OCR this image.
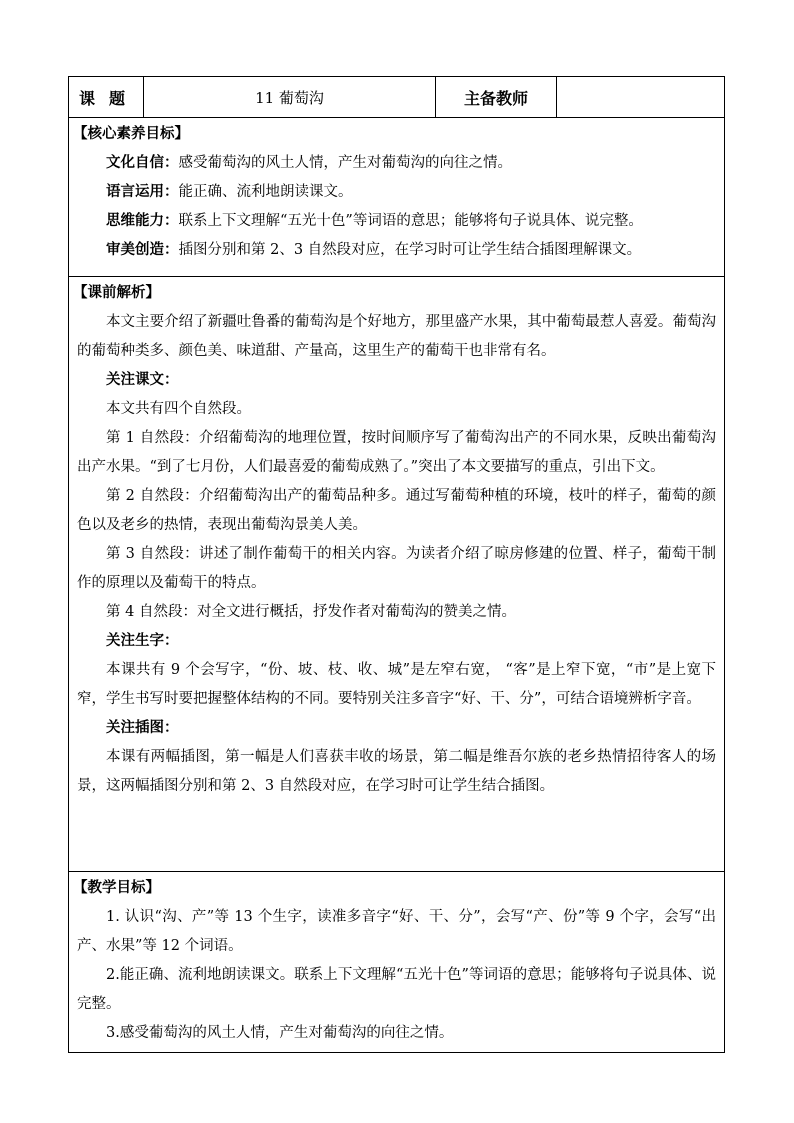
课题	11 葡萄沟	主备教师	

【核心素养目标】

文化自信：感受葡萄沟的风土人情，产生对葡萄沟的向往之情。

语言运用：能正确、流利地朗读课文。

思维能力：联系上下文理解“五光十色”等词语的意思；能够将句子说具体、说完整。

审美创造：插图分别和第 2、3 自然段对应，在学习时可让学生结合插图理解课文。

【课前解析】

本文主要介绍了新疆吐鲁番的葡萄沟是个好地方，那里盛产水果，其中葡萄最惹人喜爱。葡萄沟的葡萄种类多、颜色美、味道甜、产量高，这里生产的葡萄干也非常有名。

关注课文：

本文共有四个自然段。

第 1 自然段：介绍葡萄沟的地理位置，按时间顺序写了葡萄沟出产的不同水果，反映出葡萄沟出产水果。“到了七月份，人们最喜爱的葡萄成熟了。”突出了本文要描写的重点，引出下文。

第 2 自然段：介绍葡萄沟出产的葡萄品种多。通过写葡萄种植的环境，枝叶的样子，葡萄的颜色以及老乡的热情，表现出葡萄沟景美人美。

第 3 自然段：讲述了制作葡萄干的相关内容。为读者介绍了晾房修建的位置、样子，葡萄干制作的原理以及葡萄干的特点。

第 4 自然段：对全文进行概括，抒发作者对葡萄沟的赞美之情。

关注生字：

本课共有 9 个会写字，“份、坡、枝、收、城”是左窄右宽， “客”是上窄下宽，“市”是上宽下窄，学生书写时要把握整体结构的不同。要特别关注多音字“好、干、分”，可结合语境辨析字音。

关注插图：

本课有两幅插图，第一幅是人们喜获丰收的场景，第二幅是维吾尔族的老乡热情招待客人的场景，这两幅插图分别和第 2、3 自然段对应，在学习时可让学生结合插图。

【教学目标】

1. 认识“沟、产”等 13 个生字，读准多音字“好、干、分”，会写“产、份”等 9 个字，会写“出产、水果”等 12 个词语。

2.能正确、流利地朗读课文。联系上下文理解“五光十色”等词语的意思；能够将句子说具体、说完整。

3.感受葡萄沟的风土人情，产生对葡萄沟的向往之情。
